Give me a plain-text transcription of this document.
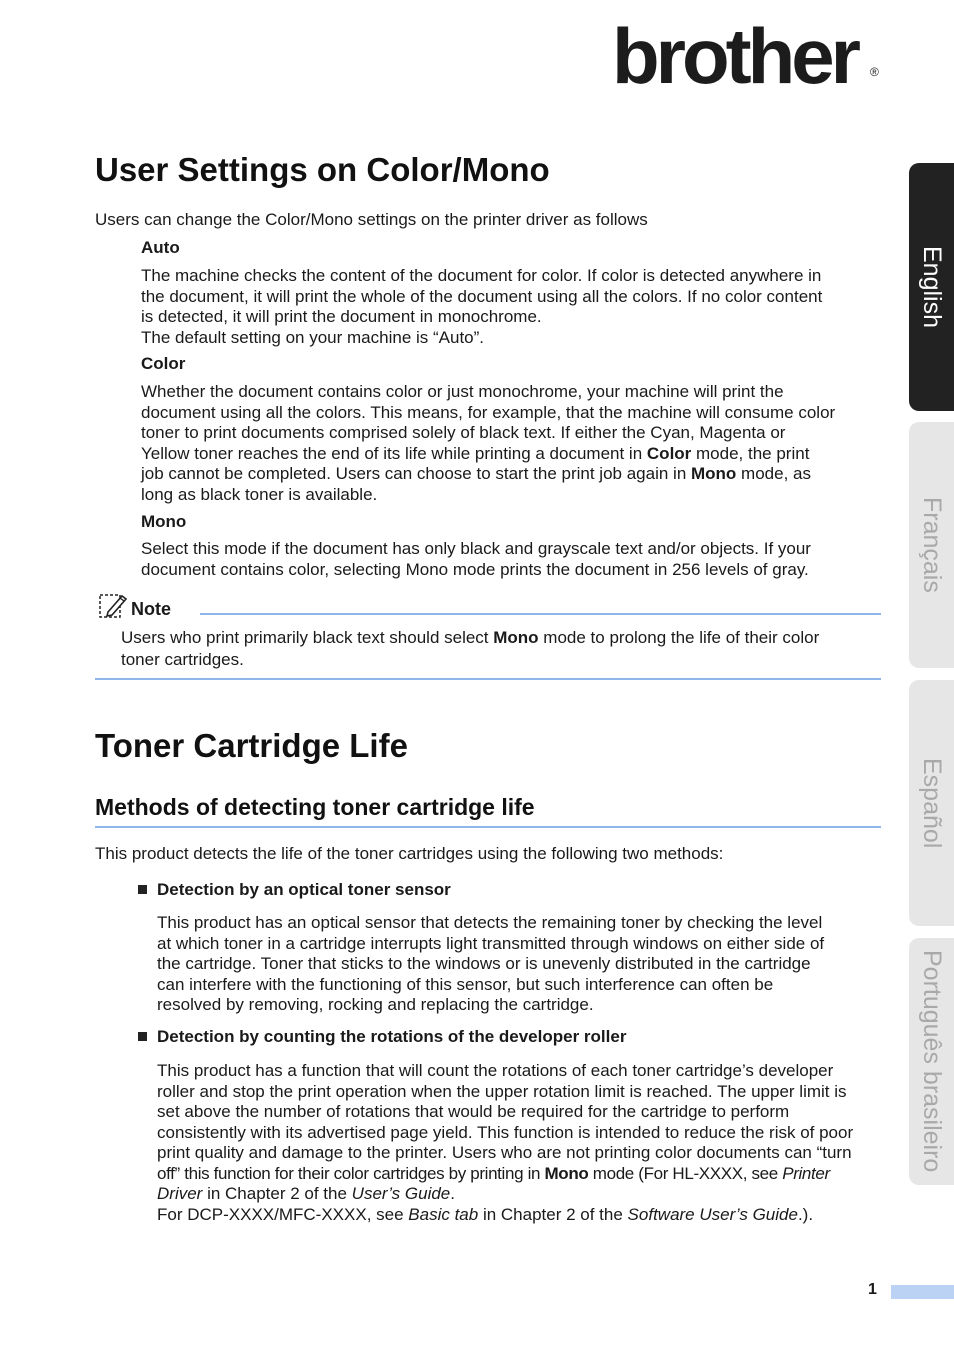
brother ®
English
Français
Español
Português brasileiro
User Settings on Color/Mono

Users can change the Color/Mono settings on the printer driver as follows

Auto

The machine checks the content of the document for color. If color is detected anywhere in
the document, it will print the whole of the document using all the colors. If no color content
is detected, it will print the document in monochrome.
The default setting on your machine is “Auto”.

Color

Whether the document contains color or just monochrome, your machine will print the
document using all the colors. This means, for example, that the machine will consume color
toner to print documents comprised solely of black text. If either the Cyan, Magenta or
Yellow toner reaches the end of its life while printing a document in Color mode, the print
job cannot be completed. Users can choose to start the print job again in Mono mode, as
long as black toner is available.

Mono

Select this mode if the document has only black and grayscale text and/or objects. If your
document contains color, selecting Mono mode prints the document in 256 levels of gray.

Note

Users who print primarily black text should select Mono mode to prolong the life of their color
toner cartridges.
Toner Cartridge Life
Methods of detecting toner cartridge life

This product detects the life of the toner cartridges using the following two methods:

Detection by an optical toner sensor

This product has an optical sensor that detects the remaining toner by checking the level
at which toner in a cartridge interrupts light transmitted through windows on either side of
the cartridge. Toner that sticks to the windows or is unevenly distributed in the cartridge
can interfere with the functioning of this sensor, but such interference can often be
resolved by removing, rocking and replacing the cartridge.

Detection by counting the rotations of the developer roller

This product has a function that will count the rotations of each toner cartridge’s developer
roller and stop the print operation when the upper rotation limit is reached. The upper limit is
set above the number of rotations that would be required for the cartridge to perform
consistently with its advertised page yield. This function is intended to reduce the risk of poor
print quality and damage to the printer. Users who are not printing color documents can “turn
off” this function for their color cartridges by printing in Mono mode (For HL-XXXX, see Printer
Driver in Chapter 2 of the User’s Guide.
For DCP-XXXX/MFC-XXXX, see Basic tab in Chapter 2 of the Software User’s Guide.).
1
